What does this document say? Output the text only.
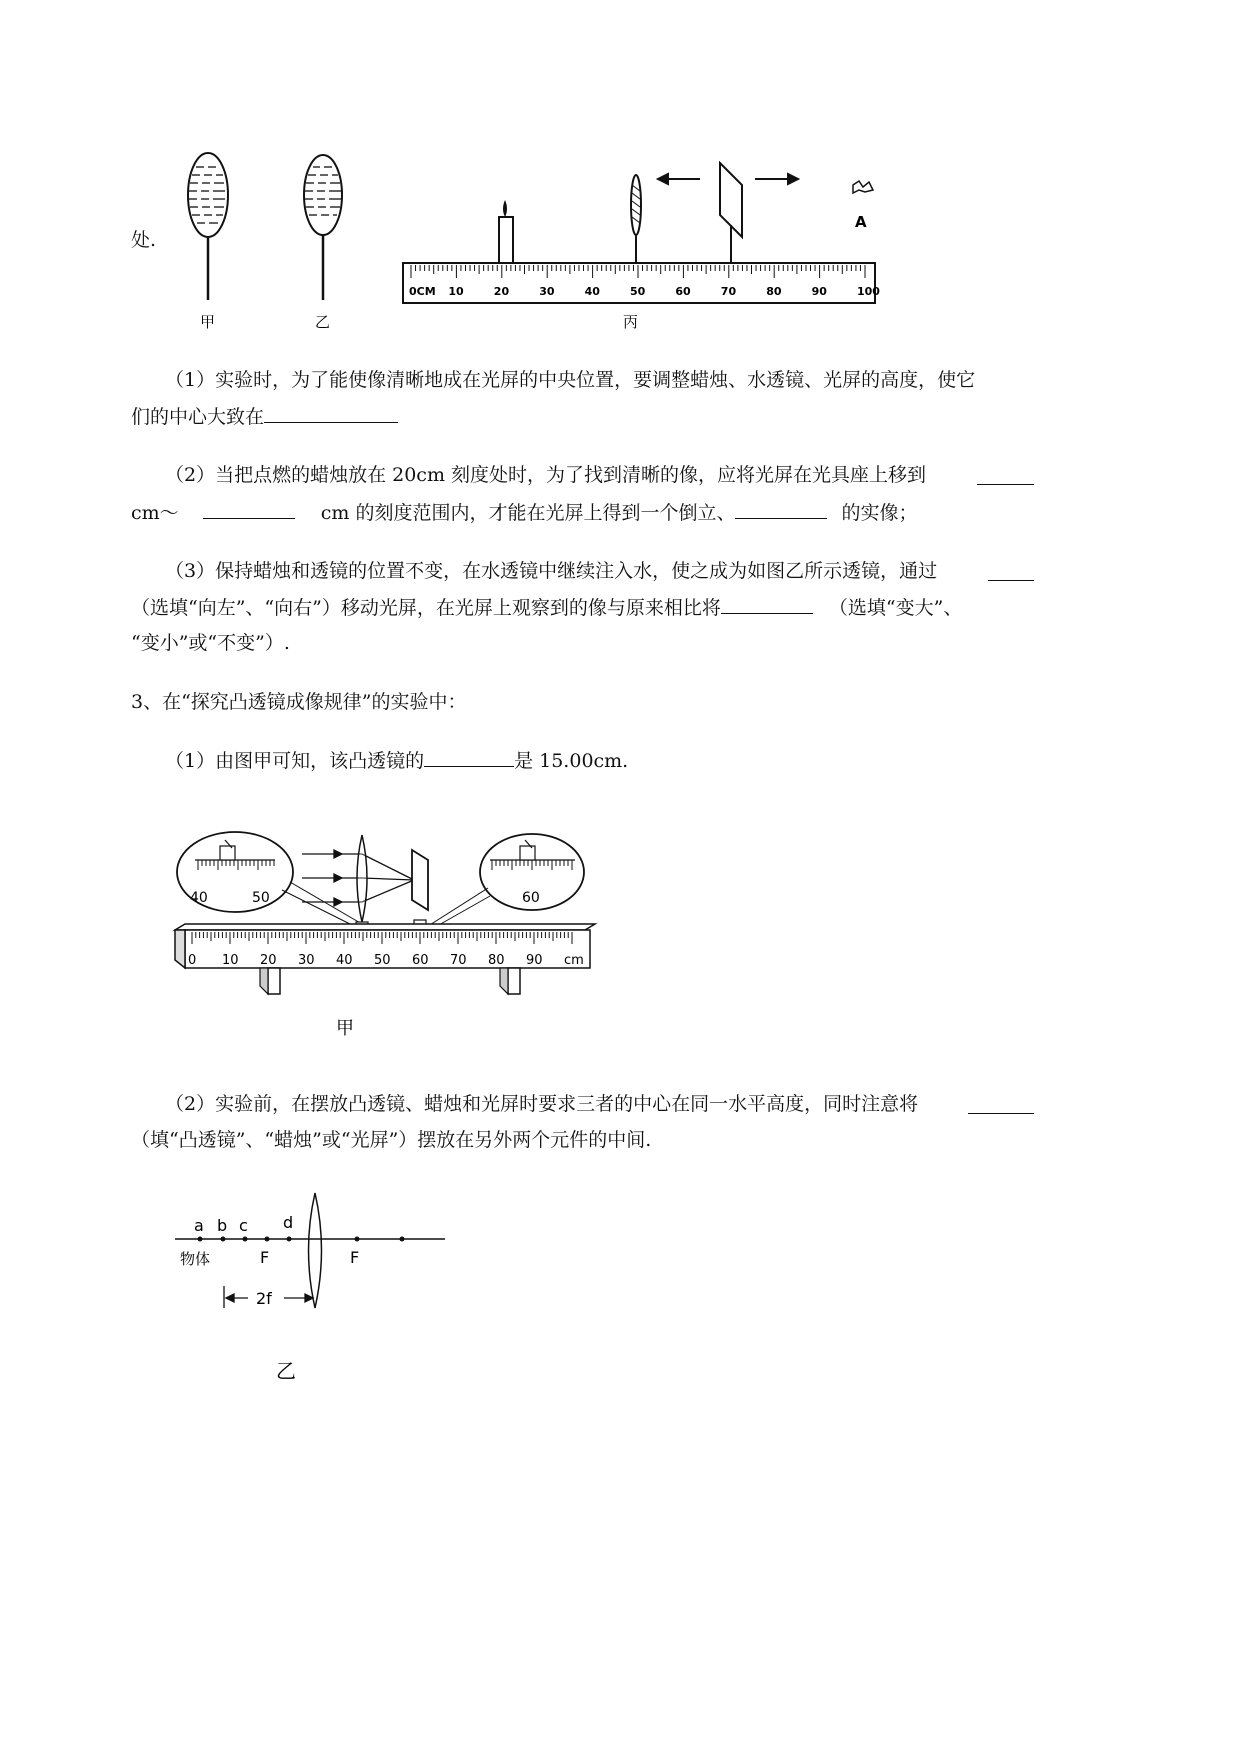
处.
甲	乙
A
0CM 10	20	30	40	50	60	70	80	90	100
丙
（1）实验时，为了能使像清晰地成在光屏的中央位置，要调整蜡烛、水透镜、光屏的高度，使它
们的中心大致在
（2）当把点燃的蜡烛放在 20cm 刻度处时，为了找到清晰的像，应将光屏在光具座上移到
cm～	cm 的刻度范围内，才能在光屏上得到一个倒立、	的实像；
（3）保持蜡烛和透镜的位置不变，在水透镜中继续注入水，使之成为如图乙所示透镜，通过
（选填“向左”、“向右”）移动光屏，在光屏上观察到的像与原来相比将	（选填“变大”、
“变小”或“不变”）.
3、在“探究凸透镜成像规律”的实验中：
（1）由图甲可知，该凸透镜的	是 15.00cm.
40	50	60
0 10 20 30 40 50 60 70 80 90 cm
甲
（2）实验前，在摆放凸透镜、蜡烛和光屏时要求三者的中心在同一水平高度，同时注意将
（填“凸透镜”、“蜡烛”或“光屏”）摆放在另外两个元件的中间.
a b c d
物体	F	F
2f
乙
